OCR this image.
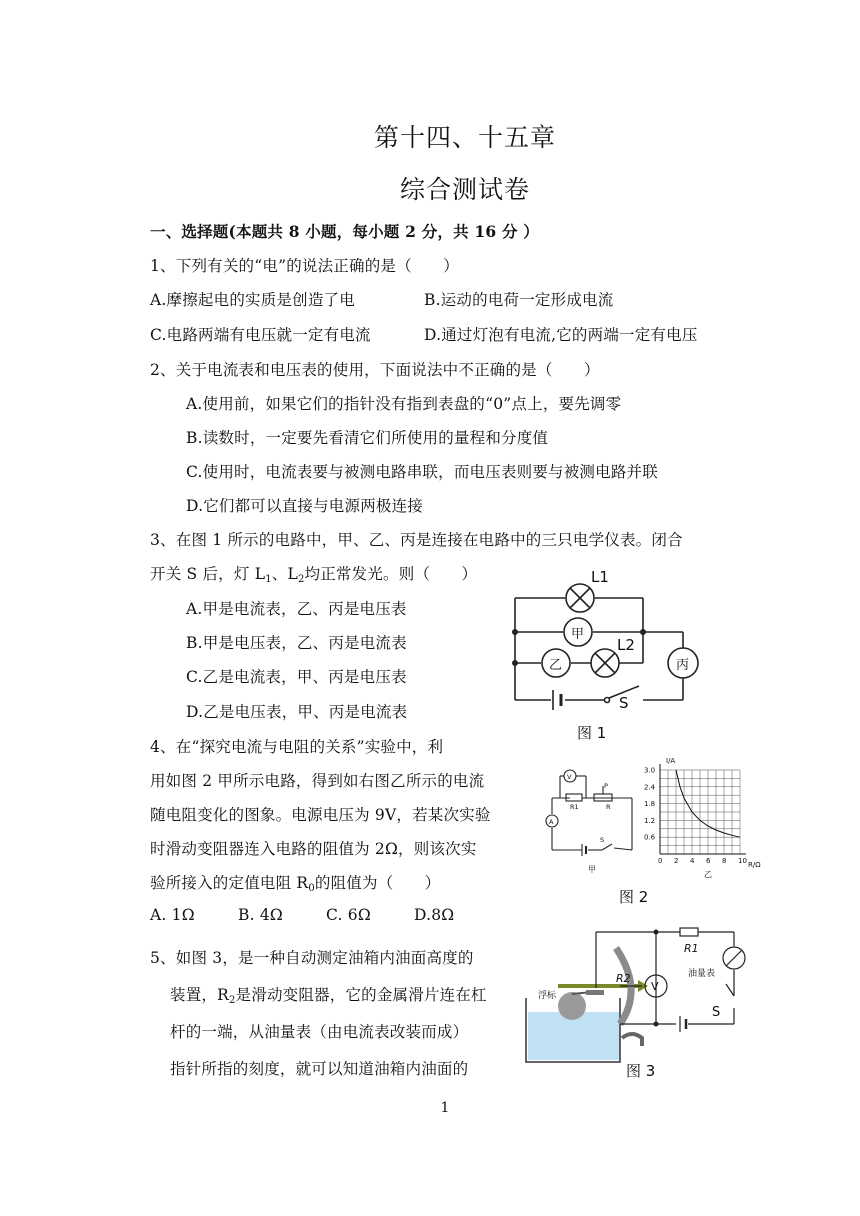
第十四、十五章
综合测试卷
一、选择题(本题共 8 小题，每小题 2 分，共 16 分 ）
1、下列有关的“电”的说法正确的是（　　）
A.摩擦起电的实质是创造了电	B.运动的电荷一定形成电流
C.电路两端有电压就一定有电流	D.通过灯泡有电流,它的两端一定有电压
2、关于电流表和电压表的使用，下面说法中不正确的是（　　）
A.使用前，如果它们的指针没有指到表盘的“0”点上，要先调零
B.读数时，一定要先看清它们所使用的量程和分度值
C.使用时，电流表要与被测电路串联，而电压表则要与被测电路并联
D.它们都可以直接与电源两极连接
3、在图 1 所示的电路中，甲、乙、丙是连接在电路中的三只电学仪表。闭合
开关 S 后，灯 $L_1$、$L_2$均正常发光。则（　　）
A.甲是电流表，乙、丙是电压表
B.甲是电压表，乙、丙是电流表
C.乙是电流表，甲、丙是电压表
D.乙是电压表，甲、丙是电流表
L1
L2
甲
乙	丙
S
图 1
4、在“探究电流与电阻的关系”实验中，利
用如图 2 甲所示电路，得到如右图乙所示的电流
随电阻变化的图象。电源电压为 9V，若某次实验
时滑动变阻器连入电路的阻值为 2Ω，则该次实
验所接入的定值电阻 $R_0$的阻值为（　　）
A. 1Ω	B. 4Ω	C. 6Ω	D.8Ω
V
A
R1
P
R
S
甲
0 2 4 6 8 10
0.6
1.2
1.8
2.4
3.0
I/A
R/Ω
乙
图 2
5、如图 3，是一种自动测定油箱内油面高度的
装置，$R_2$是滑动变阻器，它的金属滑片连在杠
杆的一端，从油量表（由电流表改装而成）
指针所指的刻度，就可以知道油箱内油面的
R1
R2
V
油量表
S
浮标
图 3
1
